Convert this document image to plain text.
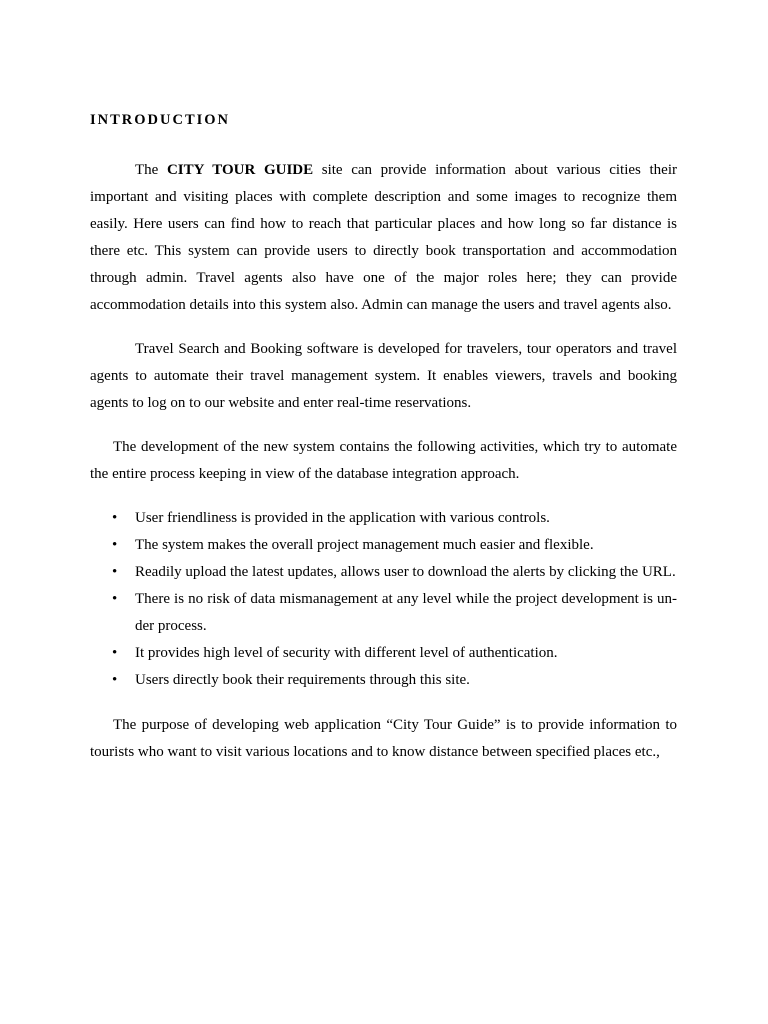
INTRODUCTION

The CITY TOUR GUIDE site can provide information about various cities their important and visiting places with complete description and some images to recognize them easily. Here users can find how to reach that particular places and how long so far distance is there etc. This system can provide users to directly book transportation and accommodation through admin. Travel agents also have one of the major roles here; they can provide accommodation details into this system also. Admin can manage the users and travel agents also.

Travel Search and Booking software is developed for travelers, tour operators and travel agents to automate their travel management system. It enables viewers, travels and booking agents to log on to our website and enter real-time reservations.

The development of the new system contains the following activities, which try to automate the entire process keeping in view of the database integration approach.

• User friendliness is provided in the application with various controls.
• The system makes the overall project management much easier and flexible.
• Readily upload the latest updates, allows user to download the alerts by clicking the URL.
• There is no risk of data mismanagement at any level while the project development is un-der process.
• It provides high level of security with different level of authentication.
• Users directly book their requirements through this site.

The purpose of developing web application “City Tour Guide” is to provide information to tourists who want to visit various locations and to know distance between specified places etc.,
